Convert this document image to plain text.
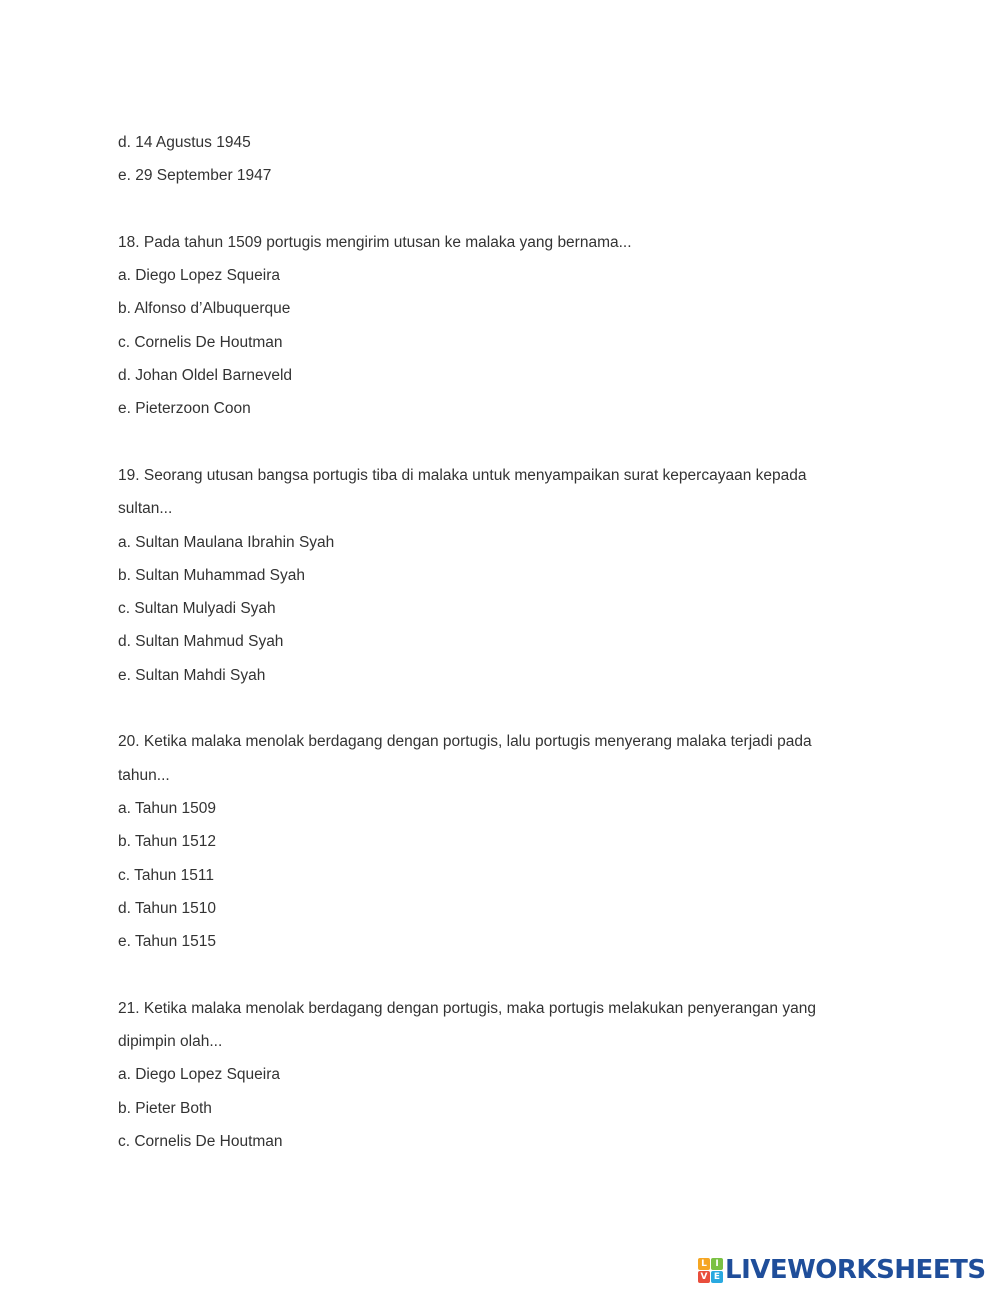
d. 14 Agustus 1945
e. 29 September 1947
18. Pada tahun 1509 portugis mengirim utusan ke malaka yang bernama...
a. Diego Lopez Squeira
b. Alfonso d’Albuquerque
c. Cornelis De Houtman
d. Johan Oldel Barneveld
e. Pieterzoon Coon
19. Seorang utusan bangsa portugis tiba di malaka untuk menyampaikan surat kepercayaan kepada
sultan...
a. Sultan Maulana Ibrahin Syah
b. Sultan Muhammad Syah
c. Sultan Mulyadi Syah
d. Sultan Mahmud Syah
e. Sultan Mahdi Syah
20. Ketika malaka menolak berdagang dengan portugis, lalu portugis menyerang malaka terjadi pada
tahun...
a. Tahun 1509
b. Tahun 1512
c. Tahun 1511
d. Tahun 1510
e. Tahun 1515
21. Ketika malaka menolak berdagang dengan portugis, maka portugis melakukan penyerangan yang
dipimpin olah...
a. Diego Lopez Squeira
b. Pieter Both
c. Cornelis De Houtman
L I
V E LIVEWORKSHEETS
